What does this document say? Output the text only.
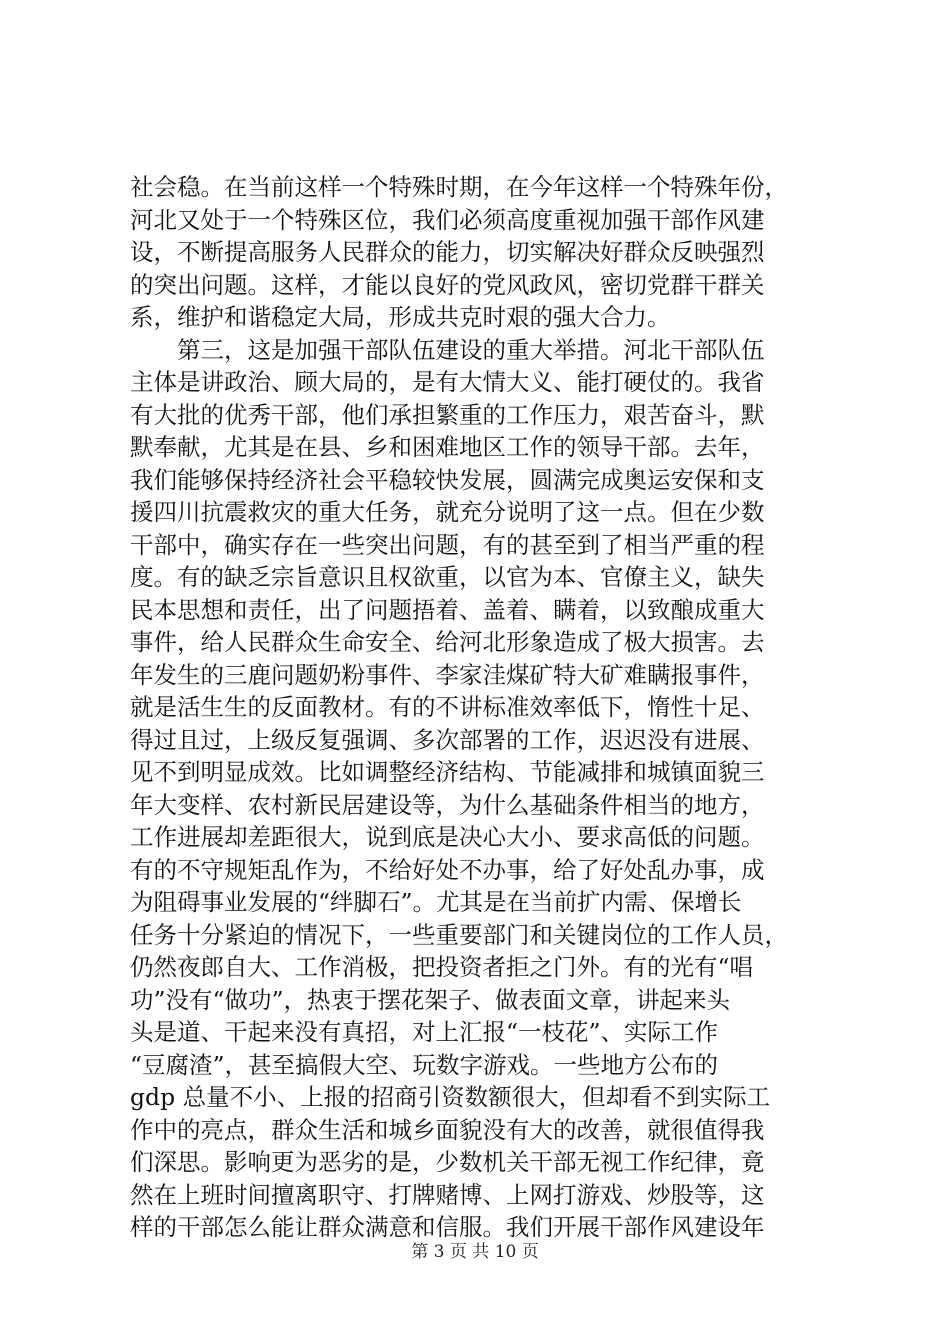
社会稳。在当前这样一个特殊时期，在今年这样一个特殊年份，
河北又处于一个特殊区位，我们必须高度重视加强干部作风建
设，不断提高服务人民群众的能力，切实解决好群众反映强烈
的突出问题。这样，才能以良好的党风政风，密切党群干群关
系，维护和谐稳定大局，形成共克时艰的强大合力。
第三，这是加强干部队伍建设的重大举措。河北干部队伍
主体是讲政治、顾大局的，是有大情大义、能打硬仗的。我省
有大批的优秀干部，他们承担繁重的工作压力，艰苦奋斗，默
默奉献，尤其是在县、乡和困难地区工作的领导干部。去年，
我们能够保持经济社会平稳较快发展，圆满完成奥运安保和支
援四川抗震救灾的重大任务，就充分说明了这一点。但在少数
干部中，确实存在一些突出问题，有的甚至到了相当严重的程
度。有的缺乏宗旨意识且权欲重，以官为本、官僚主义，缺失
民本思想和责任，出了问题捂着、盖着、瞒着，以致酿成重大
事件，给人民群众生命安全、给河北形象造成了极大损害。去
年发生的三鹿问题奶粉事件、李家洼煤矿特大矿难瞒报事件，
就是活生生的反面教材。有的不讲标准效率低下，惰性十足、
得过且过，上级反复强调、多次部署的工作，迟迟没有进展、
见不到明显成效。比如调整经济结构、节能减排和城镇面貌三
年大变样、农村新民居建设等，为什么基础条件相当的地方，
工作进展却差距很大，说到底是决心大小、要求高低的问题。
有的不守规矩乱作为，不给好处不办事，给了好处乱办事，成
为阻碍事业发展的“绊脚石”。尤其是在当前扩内需、保增长
任务十分紧迫的情况下，一些重要部门和关键岗位的工作人员，
仍然夜郎自大、工作消极，把投资者拒之门外。有的光有“唱
功”没有“做功”，热衷于摆花架子、做表面文章，讲起来头
头是道、干起来没有真招，对上汇报“一枝花”、实际工作
“豆腐渣”，甚至搞假大空、玩数字游戏。一些地方公布的
gdp 总量不小、上报的招商引资数额很大，但却看不到实际工
作中的亮点，群众生活和城乡面貌没有大的改善，就很值得我
们深思。影响更为恶劣的是，少数机关干部无视工作纪律，竟
然在上班时间擅离职守、打牌赌博、上网打游戏、炒股等，这
样的干部怎么能让群众满意和信服。我们开展干部作风建设年
第 3 页 共 10 页
